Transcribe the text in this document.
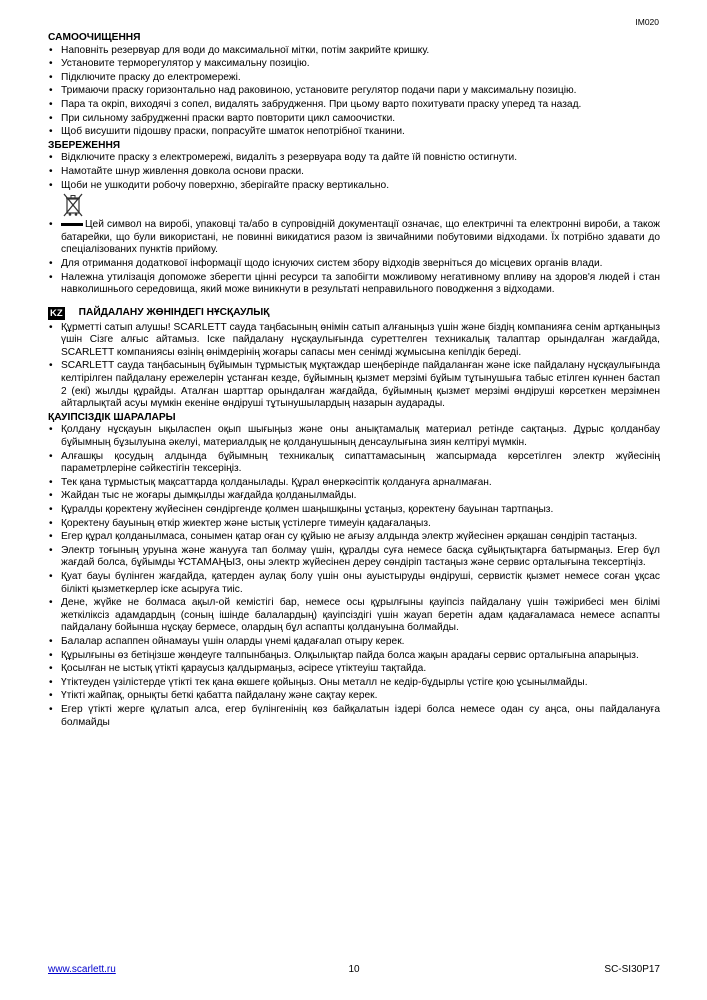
IM020
САМООЧИЩЕННЯ
• Наповніть резервуар для води до максимальної мітки, потім закрийте кришку.
• Установите терморегулятор у максимальну позицію.
• Підключите праску до електромережі.
• Тримаючи праску горизонтально над раковиною, установите регулятор подачи пари у максимальну позицію.
• Пара та окріп, виходячі з сопел, видалять забрудження. При цьому варто похитувати праску уперед та назад.
• При сильному забрудженні праски варто повторити цикл самоочистки.
• Щоб висушити підошву праски, попрасуйте шматок непотрібної тканини.
ЗБЕРЕЖЕННЯ
• Відключите праску з електромережі, видаліть з резервуара воду та дайте їй повністю остигнути.
• Намотайте шнур живлення довкола основи праски.
• Щоби не ушкодити робочу поверхню, зберігайте праску вертикально.
• Цей символ на виробі, упаковці та/або в супровідній документації означає, що електричні та електронні вироби, а також батарейки, що були використані, не повинні викидатися разом із звичайними побутовими відходами. Їх потрібно здавати до спеціалізованих пунктів прийому.
• Для отримання додаткової інформації щодо існуючих систем збору відходів зверніться до місцевих органів влади.
• Належна утилізація допоможе зберегти цінні ресурси та запобігти можливому негативному впливу на здоров'я людей і стан навколишнього середовища, який може виникнути в результаті неправильного поводження з відходами.
KZ ПАЙДАЛАНУ ЖӨНІНДЕГІ НҰСҚАУЛЫҚ
• Құрметті сатып алушы! SCARLETT сауда таңбасының өнімін сатып алғаныңыз үшін және біздің компанияға сенім артқаныңыз үшін Сізге алғыс айтамыз. Іске пайдалану нұсқаулығында суреттелген техникалық талаптар орындалған жағдайда, SCARLETT компаниясы өзінің өнімдерінің жоғары сапасы мен сенімді жұмысына кепілдік береді.
• SCARLETT сауда таңбасының бұйымын тұрмыстық мұқтаждар шеңберінде пайдаланған және іске пайдалану нұсқаулығында келтірілген пайдалану ережелерін ұстанған кезде, бұйымның қызмет мерзімі бұйым тұтынушыға табыс етілген күннен бастап 2 (екі) жылды құрайды. Аталған шарттар орындалған жағдайда, бұйымның қызмет мерзімі өндіруші көрсеткен мерзімнен айтарлықтай асуы мүмкін екеніне өндіруші тұтынушылардың назарын аударады.
ҚАУІПСІЗДІК ШАРАЛАРЫ
• Қолдану нұсқауын ықыласпен оқып шығыңыз және оны анықтамалық материал ретінде сақтаңыз. Дұрыс қолданбау бұйымның бұзылуына әкелуі, материалдық не қолданушының денсаулығына зиян келтіруі мүмкін.
• Алғашқы қосудың алдында бұйымның техникалық сипаттамасының жапсырмада көрсетілген электр жүйесінің параметрлеріне сәйкестігін тексеріңіз.
• Тек қана тұрмыстық мақсаттарда қолданылады. Құрал өнеркәсіптік қолдануға арналмаған.
• Жайдан тыс не жоғары дымқылды жағдайда қолданылмайды.
• Құралды қоректену жүйесінен сөндіргенде қолмен шаңышқыны ұстаңыз, қоректену бауынан тартпаңыз.
• Қоректену бауының өткір жиектер және ыстық үстілерге тимеуін қадағалаңыз.
• Егер құрал қолданылмаса, сонымен қатар оған су құйыю не ағызу алдында электр жүйесінен әрқашан сөндіріп тастаңыз.
• Электр тоғының уруына және жанууға тап болмау үшін, құралды суға немесе басқа сұйықтықтарға батырмаңыз. Егер бұл жағдай болса, бұйымды ҰСТАМАҢЫЗ, оны электр жүйесінен дереу сөндіріп тастаңыз және сервис орталығына тексертіңіз.
• Қуат бауы бүлінген жағдайда, қатерден аулақ болу үшін оны ауыстыруды өндіруші, сервистік қызмет немесе соған ұқсас білікті қызметкерлер іске асыруға тиіс.
• Дене, жүйке не болмаса ақыл-ой кемістігі бар, немесе осы құрылғыны қауіпсіз пайдалану үшін тәжірибесі мен білімі жеткіліксіз адамдардың (соның ішінде балалардың) қауіпсіздігі үшін жауап беретін адам қадағаламаса немесе аспапты пайдалану бойынша нұсқау бермесе, олардың бұл аспапты қолдануына болмайды.
• Балалар аспаппен ойнамауы үшін оларды үнемі қадағалап отыру керек.
• Құрылғыны өз бетіңізше жөндеуге талпынбаңыз. Олқылықтар пайда болса жақын арадағы сервис орталығына апарыңыз.
• Қосылған не ыстық үтікті қараусыз қалдырмаңыз, әсіресе үтіктеуіш тақтайда.
• Үтіктеуден үзілістерде үтікті тек қана өкшеге қойыңыз. Оны металл не кедір-бұдырлы үстіге қою ұсынылмайды.
• Үтікті жайпақ, орнықты беткі қабатта пайдалану және сақтау керек.
• Егер үтікті жерге құлатып алса, егер бүлінгенінің көз байқалатын іздері болса немесе одан су аңса, оны пайдалануға болмайды
www.scarlett.ru	10	SC-SI30P17
